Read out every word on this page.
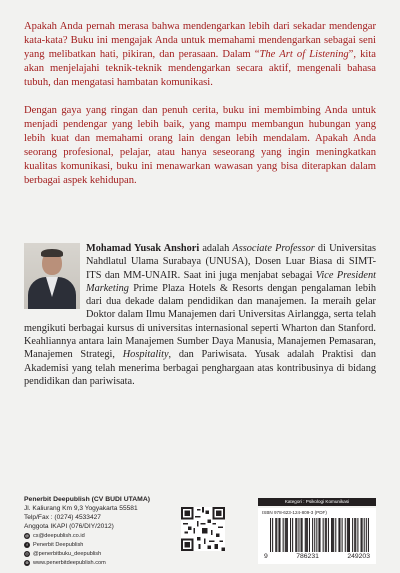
Apakah Anda pernah merasa bahwa mendengarkan lebih dari sekadar mendengar kata-kata? Buku ini mengajak Anda untuk memahami mendengarkan sebagai seni yang melibatkan hati, pikiran, dan perasaan. Dalam “The Art of Listening”, kita akan menjelajahi teknik-teknik mendengarkan secara aktif, mengenali bahasa tubuh, dan mengatasi hambatan komunikasi.

Dengan gaya yang ringan dan penuh cerita, buku ini membimbing Anda untuk menjadi pendengar yang lebih baik, yang mampu membangun hubungan yang lebih kuat dan memahami orang lain dengan lebih mendalam. Apakah Anda seorang profesional, pelajar, atau hanya seseorang yang ingin meningkatkan kualitas komunikasi, buku ini menawarkan wawasan yang bisa diterapkan dalam berbagai aspek kehidupan.

Mohamad Yusak Anshori adalah Associate Professor di Universitas Nahdlatul Ulama Surabaya (UNUSA), Dosen Luar Biasa di SIMT-ITS dan MM-UNAIR. Saat ini juga menjabat sebagai Vice President Marketing Prime Plaza Hotels & Resorts dengan pengalaman lebih dari dua dekade dalam pendidikan dan manajemen. Ia meraih gelar Doktor dalam Ilmu Manajemen dari Universitas Airlangga, serta telah mengikuti berbagai kursus di universitas internasional seperti Wharton dan Stanford. Keahliannya antara lain Manajemen Sumber Daya Manusia, Manajemen Pemasaran, Manajemen Strategi, Hospitality, dan Pariwisata. Yusak adalah Praktisi dan Akademisi yang telah menerima berbagai penghargaan atas kontribusinya di bidang pendidikan dan pariwisata.
Penerbit Deepublish (CV BUDI UTAMA)
Jl. Kaliurang Km 9,3 Yogyakarta 55581
Telp/Fax : (0274) 4533427
Anggota IKAPI (076/DIY/2012)
@ cs@deepublish.co.id
f Penerbit Deepublish
◎ @penerbitbuku_deepublish
⊕ www.penerbitdeepublish.com
Kategori : Psikologi Komunikasi
ISBN 978-623-124-809-3 (PDF)
9	786231	249203
